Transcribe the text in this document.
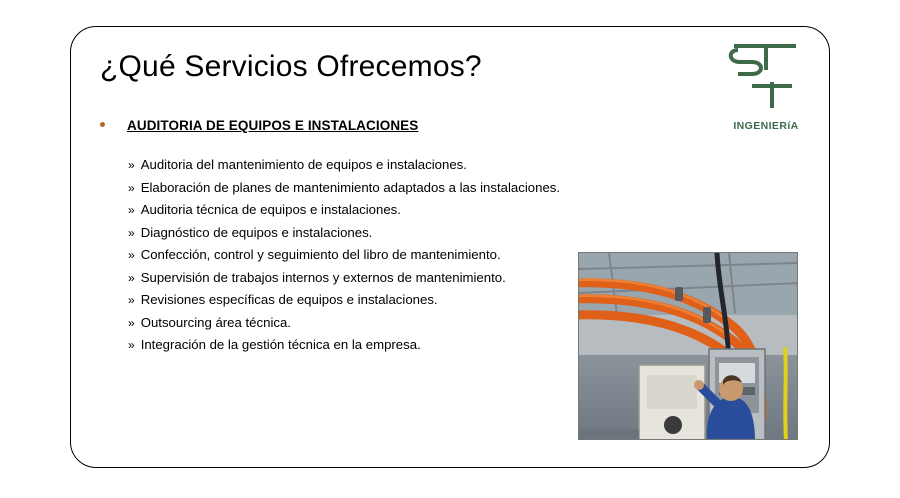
¿Qué Servicios Ofrecemos?
INGENIERíA
AUDITORIA DE EQUIPOS E INSTALACIONES
» Auditoria del mantenimiento de equipos e instalaciones.
» Elaboración de planes de mantenimiento adaptados a las instalaciones.
» Auditoria técnica de equipos e instalaciones.
» Diagnóstico de equipos e instalaciones.
» Confección, control y seguimiento del libro de mantenimiento.
» Supervisión de trabajos internos y externos de mantenimiento.
» Revisiones específicas de equipos e instalaciones.
» Outsourcing área técnica.
» Integración de la gestión técnica en la empresa.
